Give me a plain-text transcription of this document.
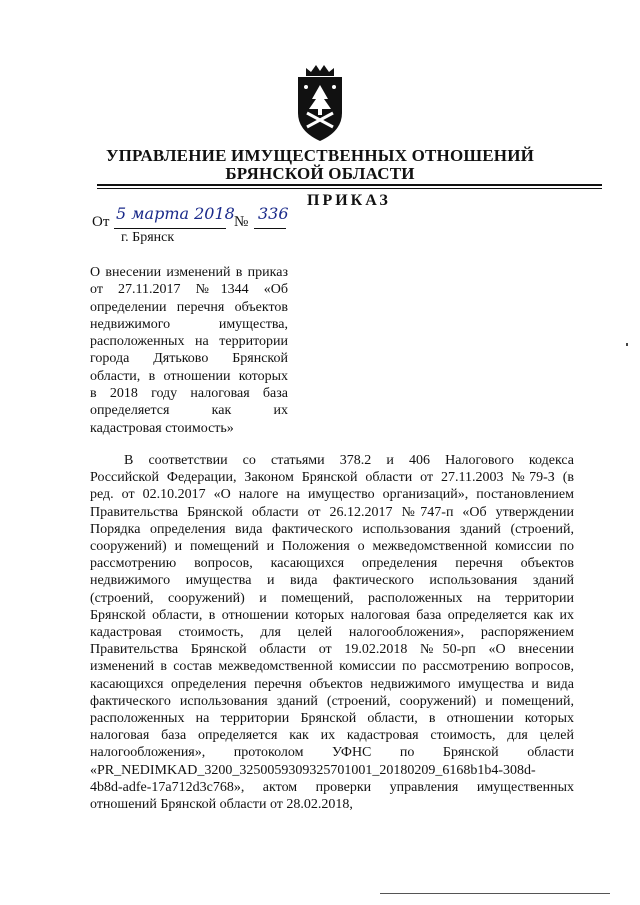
УПРАВЛЕНИЕ ИМУЩЕСТВЕННЫХ ОТНОШЕНИЙ
БРЯНСКОЙ ОБЛАСТИ
ПРИКАЗ
От 5 марта 2018 № 336
г. Брянск
О внесении изменений в приказ
от 27.11.2017 №1344 «Об
определении перечня объектов
недвижимого имущества,
расположенных на территории
города Дятьково Брянской
области, в отношении которых
в 2018 году налоговая база
определяется как их
кадастровая стоимость»
В соответствии со статьями 378.2 и 406 Налогового кодекса
Российской Федерации, Законом Брянской области от 27.11.2003 №79-З (в
ред. от 02.10.2017 «О налоге на имущество организаций», постановлением
Правительства Брянской области от 26.12.2017 №747-п «Об утверждении
Порядка определения вида фактического использования зданий (строений,
сооружений) и помещений и Положения о межведомственной комиссии по
рассмотрению вопросов, касающихся определения перечня объектов
недвижимого имущества и вида фактического использования зданий
(строений, сооружений) и помещений, расположенных на территории
Брянской области, в отношении которых налоговая база определяется как их
кадастровая стоимость, для целей налогообложения», распоряжением
Правительства Брянской области от 19.02.2018 №50-рп «О внесении
изменений в состав межведомственной комиссии по рассмотрению вопросов,
касающихся определения перечня объектов недвижимого имущества и вида
фактического использования зданий (строений, сооружений) и помещений,
расположенных на территории Брянской области, в отношении которых
налоговая база определяется как их кадастровая стоимость, для целей
налогообложения», протоколом УФНС по Брянской области
«PR_NEDIMKAD_3200_3250059309325701001_20180209_6168b1b4-308d-
4b8d-adfe-17a712d3c768», актом проверки управления имущественных
отношений Брянской области от 28.02.2018,
